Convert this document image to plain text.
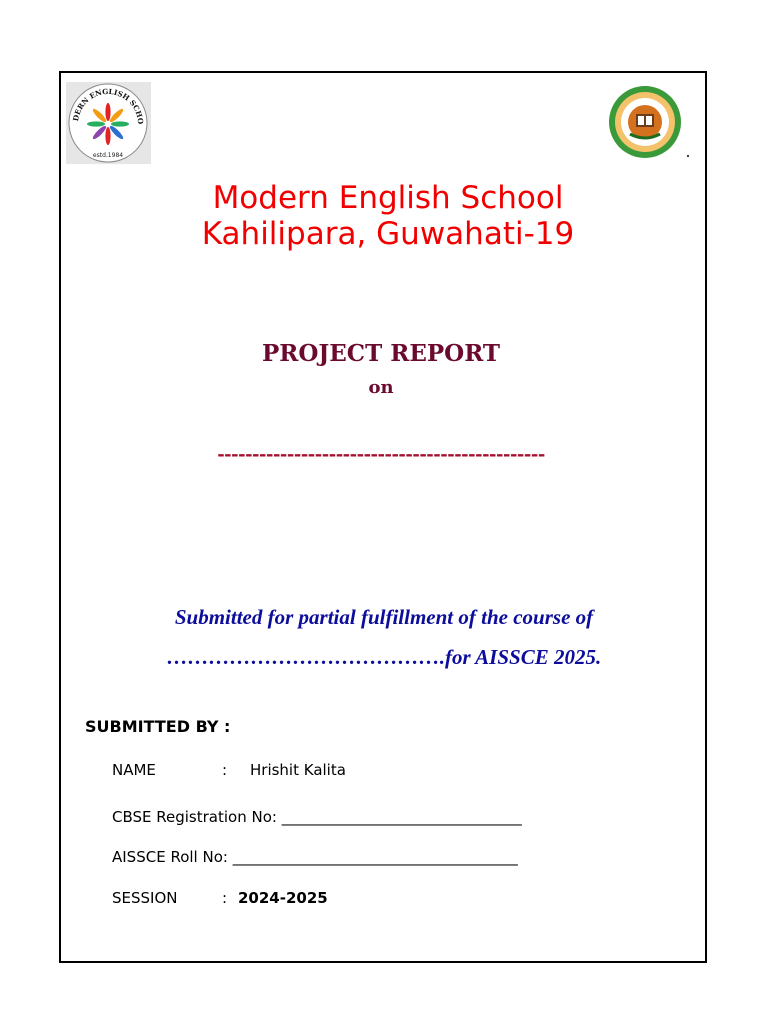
DERN ENGLISH SCHO
estd.1984
Modern English School
Kahilipara, Guwahati-19
PROJECT REPORT
on
-----------------------------------------------
Submitted for partial fulfillment of the course of
………………………………….for AISSCE 2025.
SUBMITTED BY :
NAME	: Hrishit Kalita
CBSE Registration No: ________________________________
AISSCE Roll No: ______________________________________
SESSION	: 2024-2025
